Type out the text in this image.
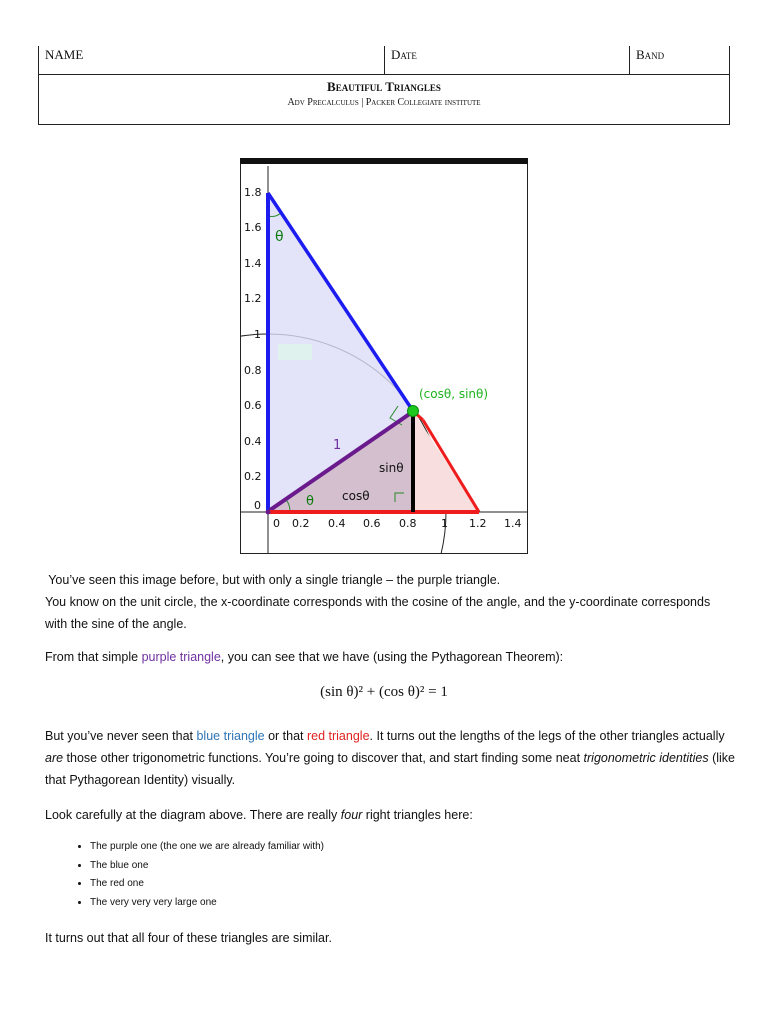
NAME	Date	Band
Beautiful Triangles
Adv Precalculus | Packer Collegiate institute
1.8
1.6
1.4
1.2
1
0.8
0.6
0.4
0.2
0
0 0.2 0.4 0.6 0.8 1 1.2 1.4
θ
θ
1
sinθ
cosθ
(cosθ, sinθ)
You’ve seen this image before, but with only a single triangle – the purple triangle.
You know on the unit circle, the x-coordinate corresponds with the cosine of the angle, and the y-coordinate corresponds with the sine of the angle.
From that simple purple triangle, you can see that we have (using the Pythagorean Theorem):
(sin θ)² + (cos θ)² = 1
But you’ve never seen that blue triangle or that red triangle. It turns out the lengths of the legs of the other triangles actually are those other trigonometric functions. You’re going to discover that, and start finding some neat trigonometric identities (like that Pythagorean Identity) visually.
Look carefully at the diagram above. There are really four right triangles here:
• The purple one (the one we are already familiar with)
• The blue one
• The red one
• The very very very large one
It turns out that all four of these triangles are similar.
